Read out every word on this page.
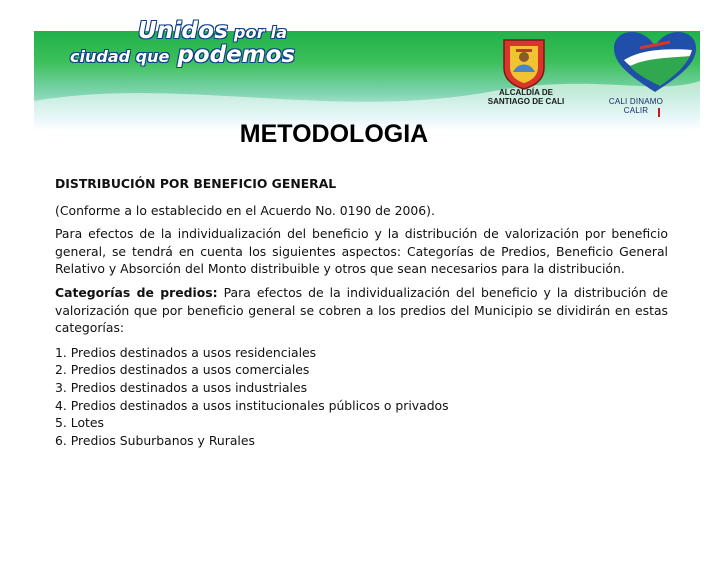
Unidos por la
ciudad que podemos
ALCALDÍA DE
SANTIAGO DE CALI	CALI DINAMO CALIR
METODOLOGIA

DISTRIBUCIÓN POR BENEFICIO GENERAL

(Conforme a lo establecido en el Acuerdo No. 0190 de 2006).

Para efectos de la individualización del beneficio y la distribución de valorización por beneficio general, se tendrá en cuenta los siguientes aspectos: Categorías de Predios, Beneficio General Relativo y Absorción del Monto distribuible y otros que sean necesarios para la distribución.

Categorías de predios: Para efectos de la individualización del beneficio y la distribución de valorización que por beneficio general se cobren a los predios del Municipio se dividirán en estas categorías:

1. Predios destinados a usos residenciales
2. Predios destinados a usos comerciales
3. Predios destinados a usos industriales
4. Predios destinados a usos institucionales públicos o privados
5. Lotes
6. Predios Suburbanos y Rurales
